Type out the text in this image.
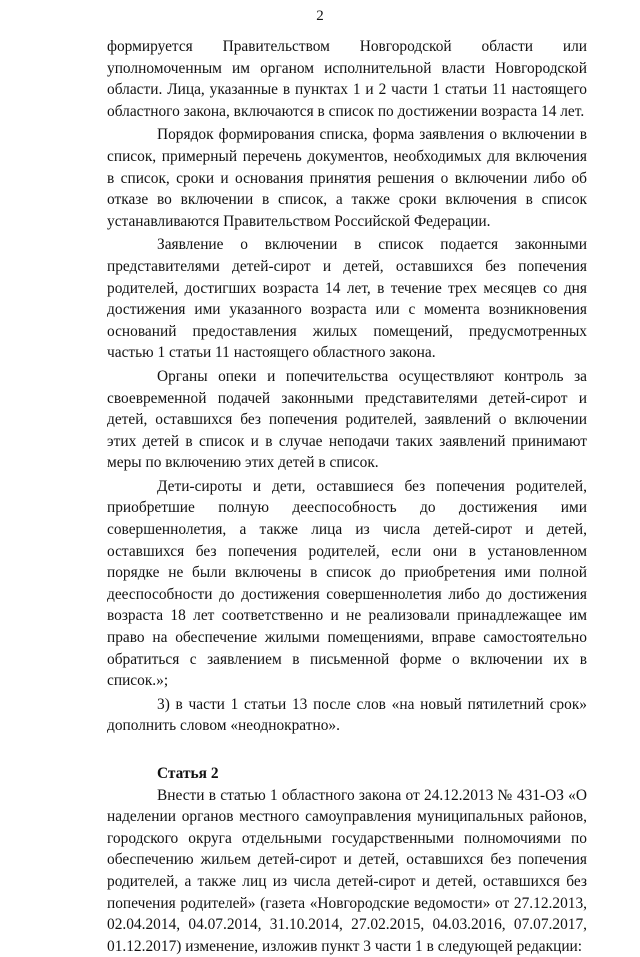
2

формируется Правительством Новгородской области или уполномоченным им органом исполнительной власти Новгородской области. Лица, указанные в пунктах 1 и 2 части 1 статьи 11 настоящего областного закона, включаются в список по достижении возраста 14 лет.

Порядок формирования списка, форма заявления о включении в список, примерный перечень документов, необходимых для включения в список, сроки и основания принятия решения о включении либо об отказе во включении в список, а также сроки включения в список устанавливаются Правительством Российской Федерации.

Заявление о включении в список подается законными представителями детей-сирот и детей, оставшихся без попечения родителей, достигших возраста 14 лет, в течение трех месяцев со дня достижения ими указанного возраста или с момента возникновения оснований предоставления жилых помещений, предусмотренных частью 1 статьи 11 настоящего областного закона.

Органы опеки и попечительства осуществляют контроль за своевременной подачей законными представителями детей-сирот и детей, оставшихся без попечения родителей, заявлений о включении этих детей в список и в случае неподачи таких заявлений принимают меры по включению этих детей в список.

Дети-сироты и дети, оставшиеся без попечения родителей, приобретшие полную дееспособность до достижения ими совершеннолетия, а также лица из числа детей-сирот и детей, оставшихся без попечения родителей, если они в установленном порядке не были включены в список до приобретения ими полной дееспособности до достижения совершеннолетия либо до достижения возраста 18 лет соответственно и не реализовали принадлежащее им право на обеспечение жилыми помещениями, вправе самостоятельно обратиться с заявлением в письменной форме о включении их в список.»;

3) в части 1 статьи 13 после слов «на новый пятилетний срок» дополнить словом «неоднократно».

Статья 2

Внести в статью 1 областного закона от 24.12.2013 № 431-ОЗ «О наделении органов местного самоуправления муниципальных районов, городского округа отдельными государственными полномочиями по обеспечению жильем детей-сирот и детей, оставшихся без попечения родителей, а также лиц из числа детей-сирот и детей, оставшихся без попечения родителей» (газета «Новгородские ведомости» от 27.12.2013, 02.04.2014, 04.07.2014, 31.10.2014, 27.02.2015, 04.03.2016, 07.07.2017, 01.12.2017) изменение, изложив пункт 3 части 1 в следующей редакции:
